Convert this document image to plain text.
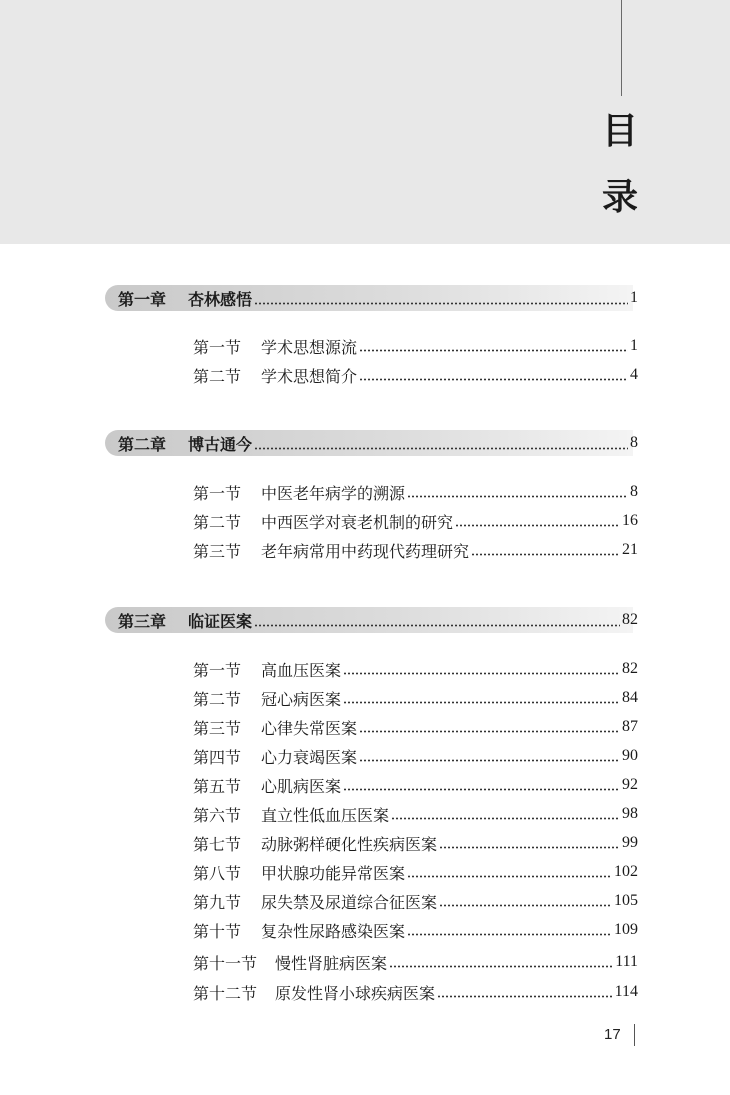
目
录
第一章 杏林感悟	1
第一节 学术思想源流	1
第二节 学术思想简介	4
第二章 博古通今	8
第一节 中医老年病学的溯源	8
第二节 中西医学对衰老机制的研究	16
第三节 老年病常用中药现代药理研究	21
第三章 临证医案	82
第一节 高血压医案	82
第二节 冠心病医案	84
第三节 心律失常医案	87
第四节 心力衰竭医案	90
第五节 心肌病医案	92
第六节 直立性低血压医案	98
第七节 动脉粥样硬化性疾病医案	99
第八节 甲状腺功能异常医案	102
第九节 尿失禁及尿道综合征医案	105
第十节 复杂性尿路感染医案	109
第十一节 慢性肾脏病医案	111
第十二节 原发性肾小球疾病医案	114
17
